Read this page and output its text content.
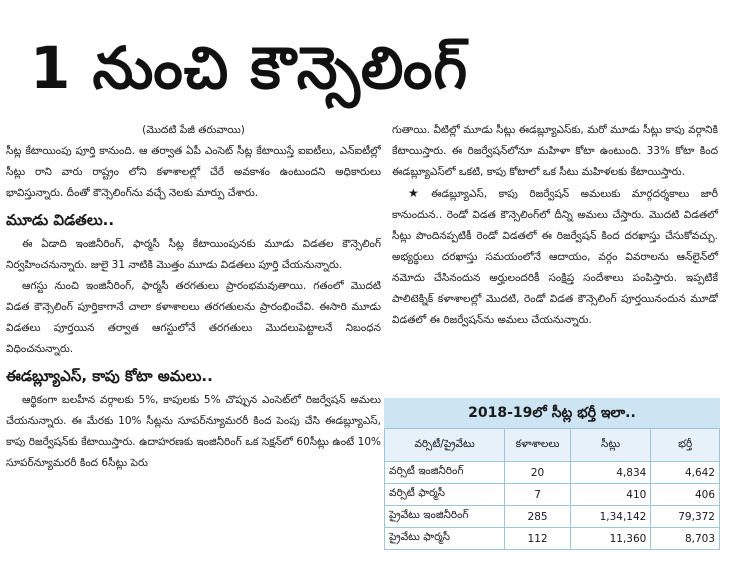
1 నుంచి కౌన్సెలింగ్
(మొదటి పేజీ తరువాయి)

సీట్ల కేటాయింపు పూర్తి కానుంది. ఆ తర్వాత ఏపీ ఎంసెట్ సీట్ల కేటాయిస్తే ఐఐటీలు, ఎన్ఐటీల్లో సీట్లు రాని వారు రాష్ట్రం లోని కళాశాలల్లో చేరే అవకాశం ఉంటుందని అధికారులు భావిస్తున్నారు. దీంతో కౌన్సెలింగ్‌ను వచ్చే నెలకు మార్పు చేశారు.

మూడు విడతలు..

ఈ ఏడాది ఇంజినీరింగ్, ఫార్మసీ సీట్ల కేటాయింపునకు మూడు విడతల కౌన్సెలింగ్ నిర్వహించనున్నారు. జులై 31 నాటికి మొత్తం మూడు విడతలు పూర్తి చేయనున్నారు.

ఆగస్టు నుంచి ఇంజినీరింగ్, ఫార్మసీ తరగతులు ప్రారంభమవుతాయి. గతంలో మొదటి విడత కౌన్సెలింగ్ పూర్తికాగానే చాలా కళాశాలలు తరగతులను ప్రారంభించేవి. ఈసారి మూడు విడతలు పూర్తయిన తర్వాత ఆగస్టులోనే తరగతులు మొదలుపెట్టాలనే నిబంధన విధించనున్నారు.

ఈడబ్ల్యూఎస్, కాపు కోటా అమలు..

ఆర్థికంగా బలహీన వర్గాలకు 5%, కాపులకు 5% చొప్పున ఎంసెట్‌లో రిజర్వేషన్ అమలు చేయనున్నారు. ఈ మేరకు 10% సీట్లను సూపర్‌న్యూమరరీ కింద పెంపు చేసి ఈడబ్ల్యూఎస్, కాపు రిజర్వేషన్‌కు కేటాయిస్తారు. ఉదాహరణకు ఇంజినీరింగ్ ఒక సెక్షన్‌లో 60సీట్లు ఉంటే 10% సూపర్‌న్యూమరరీ కింద 6సీట్లు పెరు

గుతాయి. వీటిల్లో మూడు సీట్లు ఈడబ్ల్యూఎస్‌కు, మరో మూడు సీట్లు కాపు వర్గానికి కేటాయిస్తారు. ఈ రిజర్వేషన్‌లోనూ మహిళా కోటా ఉంటుంది. 33% కోటా కింద ఈడబ్ల్యూఎస్‌లో ఒకటి, కాపు కోటాలో ఒక సీటు మహిళలకు కేటాయిస్తారు.

★ ఈడబ్ల్యూఎస్, కాపు రిజర్వేషన్ అమలుకు మార్గదర్శకాలు జారీ కానుందున.. రెండో విడత కౌన్సెలింగ్‌లో దీన్ని అమలు చేస్తారు. మొదటి విడతలో సీట్లు పొందినప్పటికీ రెండో విడతలో ఈ రిజర్వేషన్ కింద దరఖాస్తు చేసుకోవచ్చు. అభ్యర్థులు దరఖాస్తు సమయంలోనే ఆదాయం, వర్గం వివరాలను ఆన్‌లైన్‌లో నమోదు చేసినందున అర్హులందరికీ సంక్షిప్త సందేశాలు పంపిస్తారు. ఇప్పటికే పాలిటెక్నిక్ కళాశాలల్లో మొదటి, రెండో విడత కౌన్సెలింగ్ పూర్తయినందున మూడో విడతలో ఈ రిజర్వేషన్‌ను అమలు చేయనున్నారు.

2018-19లో సీట్ల భర్తీ ఇలా..
వర్సిటీ/ప్రైవేటు	కళాశాలలు	సీట్లు	భర్తీ
వర్సిటీ ఇంజినీరింగ్	20	4,834	4,642
వర్సిటీ ఫార్మసీ	7	410	406
ప్రైవేటు ఇంజినీరింగ్	285	1,34,142	79,372
ప్రైవేటు ఫార్మసీ	112	11,360	8,703
